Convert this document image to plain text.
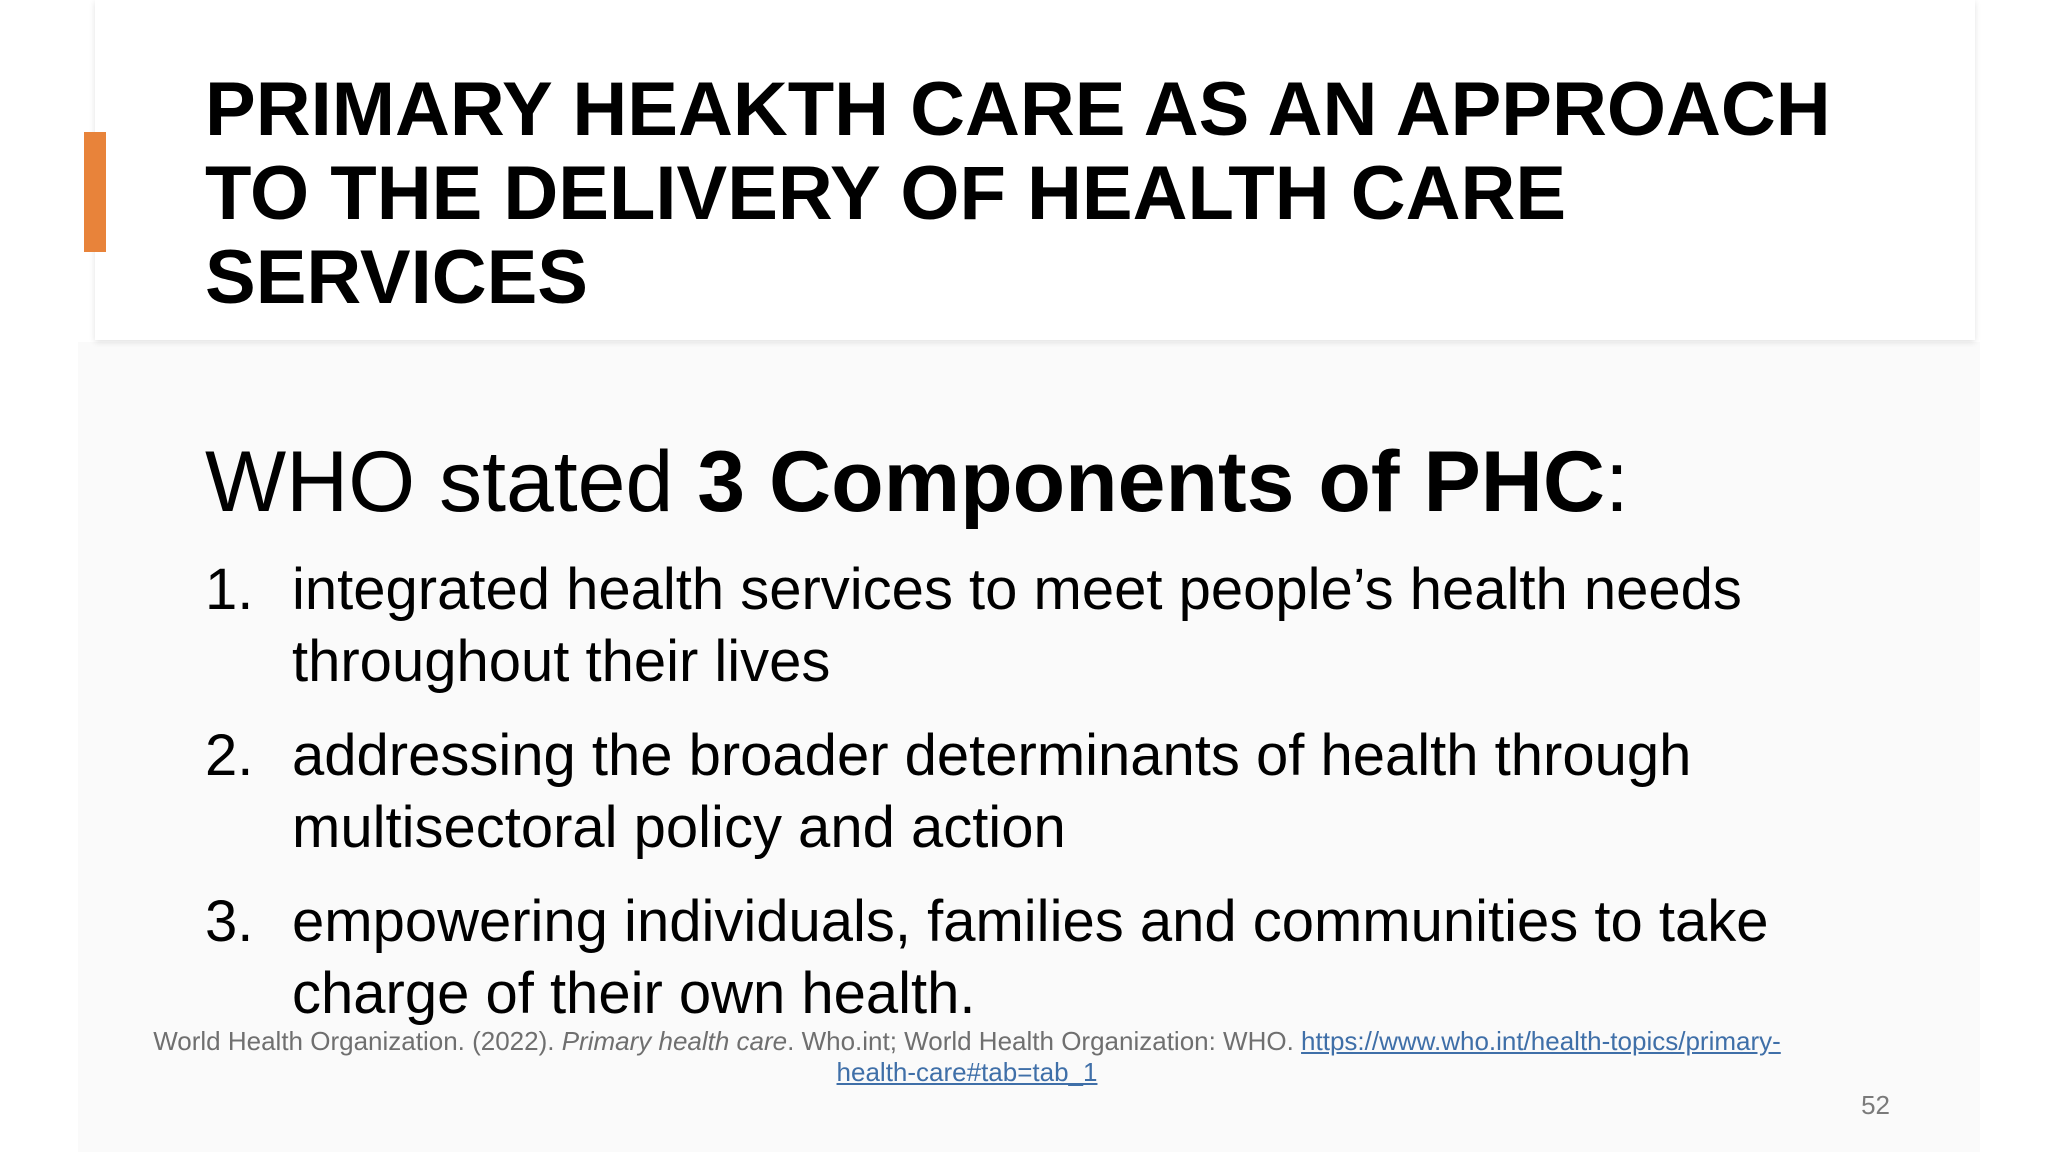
PRIMARY HEAKTH CARE AS AN APPROACH TO THE DELIVERY OF HEALTH CARE SERVICES
WHO stated 3 Components of PHC:
1. integrated health services to meet people’s health needs throughout their lives
2. addressing the broader determinants of health through multisectoral policy and action
3. empowering individuals, families and communities to take charge of their own health.

World Health Organization. (2022). Primary health care. Who.int; World Health Organization: WHO. https://www.who.int/health-topics/primary-health-care#tab=tab_1

52
